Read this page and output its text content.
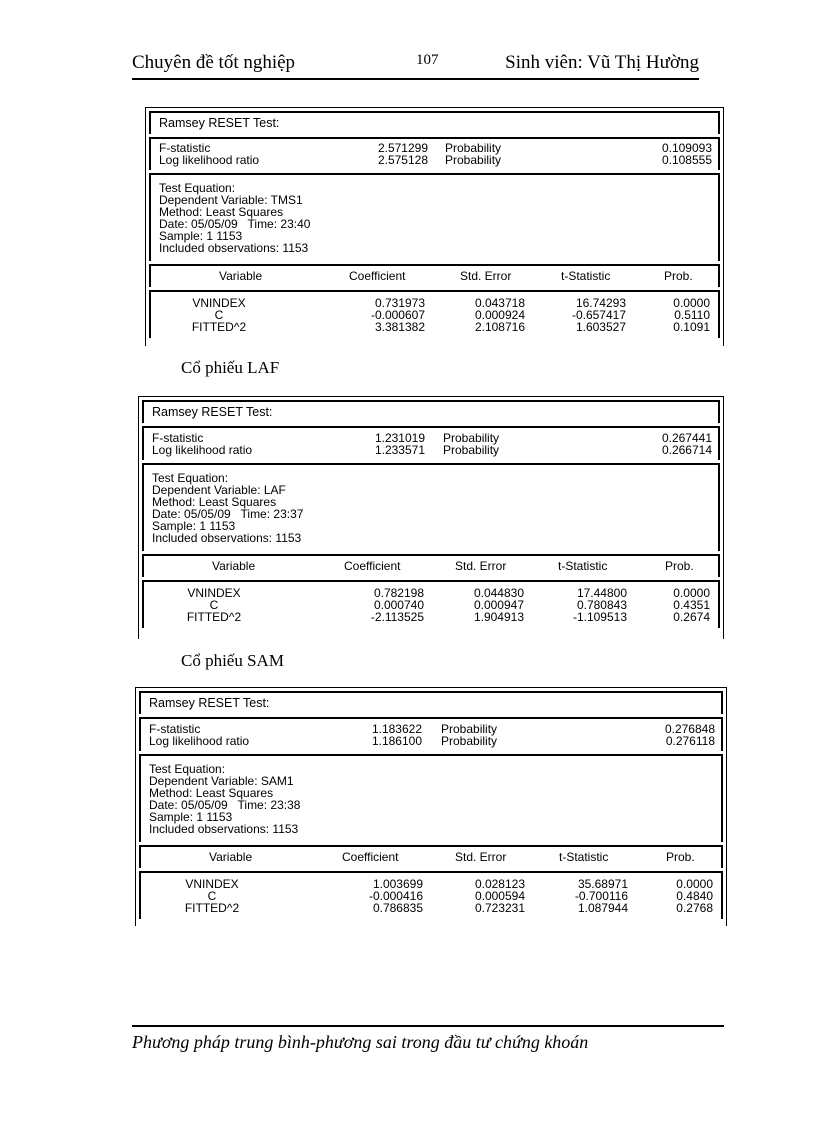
Chuyên đề tốt nghiệp	107	Sinh viên: Vũ Thị Hường
Ramsey RESET Test:
F-statistic	2.571299 Probability	0.109093
Log likelihood ratio	2.575128 Probability	0.108555
Test Equation:
Dependent Variable: TMS1
Method: Least Squares
Date: 05/05/09   Time: 23:40
Sample: 1 1153
Included observations: 1153
Variable	Coefficient	Std. Error	t-Statistic	Prob.
VNINDEX	0.731973	0.043718	16.74293	0.0000
C	-0.000607	0.000924	-0.657417	0.5110
FITTED^2	3.381382	2.108716	1.603527	0.1091
Cổ phiếu LAF
Ramsey RESET Test:
F-statistic	1.231019 Probability	0.267441
Log likelihood ratio	1.233571 Probability	0.266714
Test Equation:
Dependent Variable: LAF
Method: Least Squares
Date: 05/05/09   Time: 23:37
Sample: 1 1153
Included observations: 1153
Variable	Coefficient	Std. Error	t-Statistic	Prob.
VNINDEX	0.782198	0.044830	17.44800	0.0000
C	0.000740	0.000947	0.780843	0.4351
FITTED^2	-2.113525	1.904913	-1.109513	0.2674
Cổ phiếu SAM
Ramsey RESET Test:
F-statistic	1.183622 Probability	0.276848
Log likelihood ratio	1.186100 Probability	0.276118
Test Equation:
Dependent Variable: SAM1
Method: Least Squares
Date: 05/05/09   Time: 23:38
Sample: 1 1153
Included observations: 1153
Variable	Coefficient	Std. Error	t-Statistic	Prob.
VNINDEX	1.003699	0.028123	35.68971	0.0000
C	-0.000416	0.000594	-0.700116	0.4840
FITTED^2	0.786835	0.723231	1.087944	0.2768
Phương pháp trung bình-phương sai trong đầu tư chứng khoán
